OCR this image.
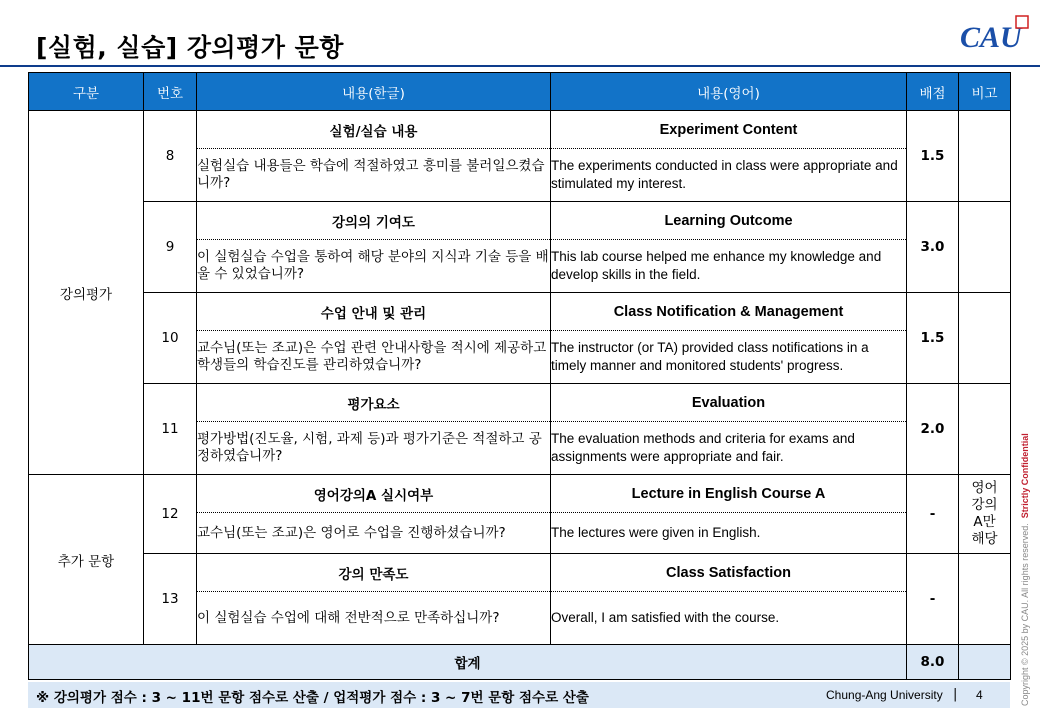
[실험, 실습] 강의평가 문항	CAU
구분	번호	내용(한글)	내용(영어)	배점	비고
강의평가	8	실험/실습 내용	Experiment Content	1.5	
		실험실습 내용들은 학습에 적절하였고 흥미를 불러일으켰습니까?	The experiments conducted in class were appropriate and stimulated my interest.		
	9	강의의 기여도	Learning Outcome	3.0	
		이 실험실습 수업을 통하여 해당 분야의 지식과 기술 등을 배울 수 있었습니까?	This lab course helped me enhance my knowledge and develop skills in the field.		
	10	수업 안내 및 관리	Class Notification & Management	1.5	
		교수님(또는 조교)은 수업 관련 안내사항을 적시에 제공하고 학생들의 학습진도를 관리하였습니까?	The instructor (or TA) provided class notifications in a timely manner and monitored students' progress.		
	11	평가요소	Evaluation	2.0	
		평가방법(진도율, 시험, 과제 등)과 평가기준은 적절하고 공정하였습니까?	The evaluation methods and criteria for exams and assignments were appropriate and fair.		
추가 문항	12	영어강의A 실시여부	Lecture in English Course A	-	영어강의A만해당
		교수님(또는 조교)은 영어로 수업을 진행하셨습니까?	The lectures were given in English.		
	13	강의 만족도	Class Satisfaction	-	
		이 실험실습 수업에 대해 전반적으로 만족하십니까?	Overall, I am satisfied with the course.		
합계				8.0	
※ 강의평가 점수 : 3 ~ 11번 문항 점수로 산출 / 업적평가 점수 : 3 ~ 7번 문항 점수로 산출	Chung-Ang University | 4	Copyright © 2025 by CAU. All rights reserved.  Strictly Confidential
